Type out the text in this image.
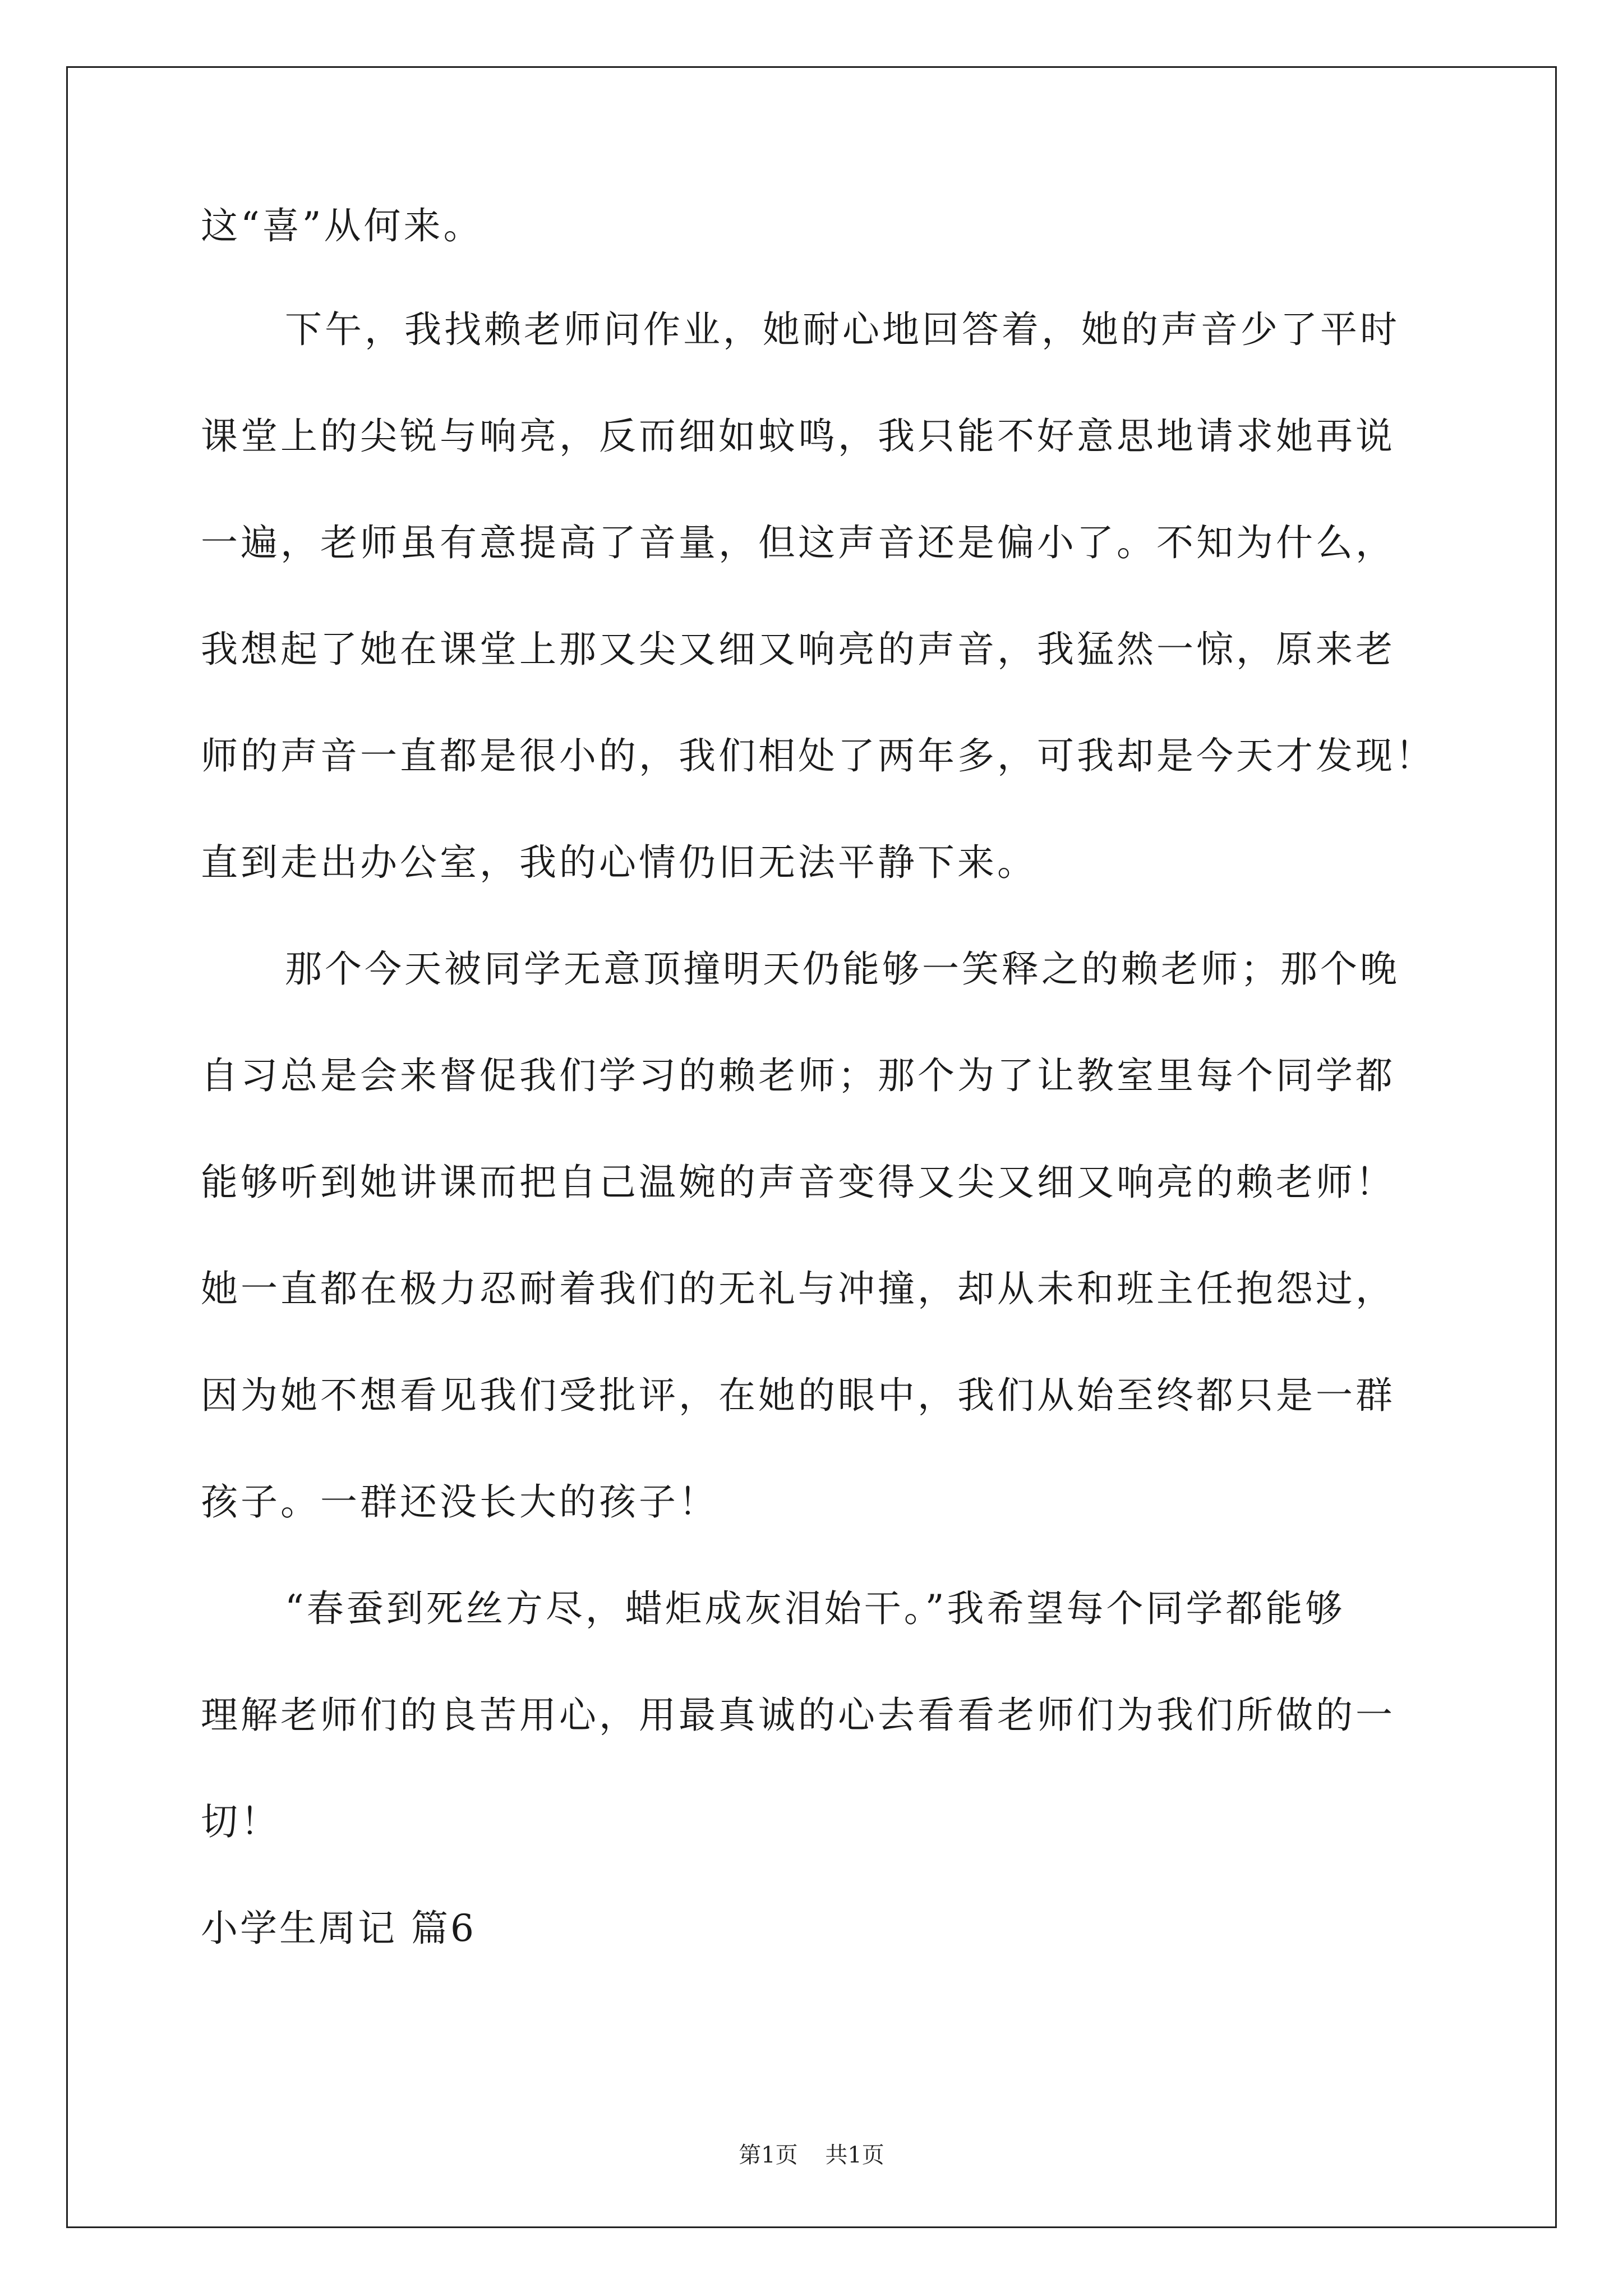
这“喜”从何来。
下午，我找赖老师问作业，她耐心地回答着，她的声音少了平时
课堂上的尖锐与响亮，反而细如蚊鸣，我只能不好意思地请求她再说
一遍，老师虽有意提高了音量，但这声音还是偏小了。不知为什么，
我想起了她在课堂上那又尖又细又响亮的声音，我猛然一惊，原来老
师的声音一直都是很小的，我们相处了两年多，可我却是今天才发现！
直到走出办公室，我的心情仍旧无法平静下来。
那个今天被同学无意顶撞明天仍能够一笑释之的赖老师；那个晚
自习总是会来督促我们学习的赖老师；那个为了让教室里每个同学都
能够听到她讲课而把自己温婉的声音变得又尖又细又响亮的赖老师！
她一直都在极力忍耐着我们的无礼与冲撞，却从未和班主任抱怨过，
因为她不想看见我们受批评，在她的眼中，我们从始至终都只是一群
孩子。一群还没长大的孩子！
“春蚕到死丝方尽，蜡炬成灰泪始干。”我希望每个同学都能够
理解老师们的良苦用心，用最真诚的心去看看老师们为我们所做的一
切！
小学生周记 篇6
第1页 共1页
